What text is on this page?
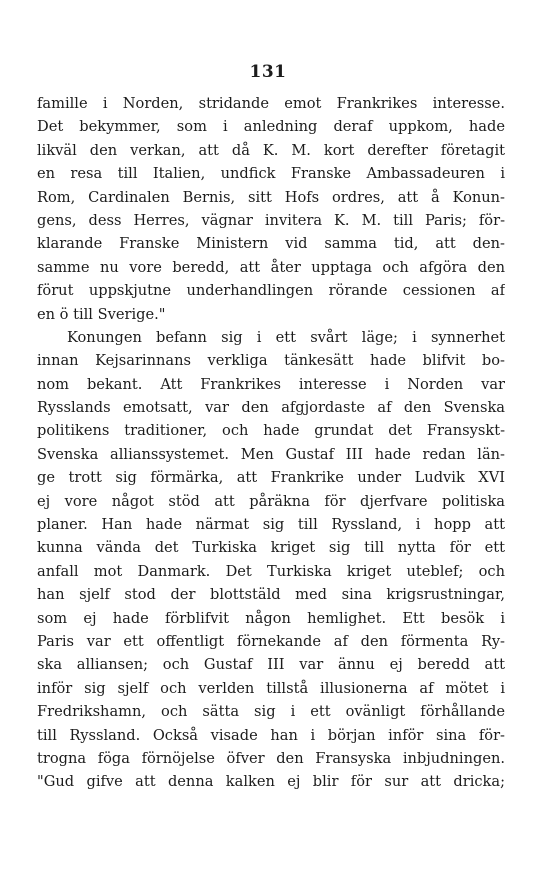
131
famille i Norden, stridande emot Frankrikes interesse.
Det bekymmer, som i anledning deraf uppkom, hade
likväl den verkan, att då K. M. kort derefter företagit
en resa till Italien, undfick Franske Ambassadeuren i
Rom, Cardinalen Bernis, sitt Hofs ordres, att å Konun-
gens, dess Herres, vägnar invitera K. M. till Paris; för-
klarande Franske Ministern vid samma tid, att den-
samme nu vore beredd, att åter upptaga och afgöra den
förut uppskjutne underhandlingen rörande cessionen af
en ö till Sverige."
Konungen befann sig i ett svårt läge; i synnerhet
innan Kejsarinnans verkliga tänkesätt hade blifvit bo-
nom bekant. Att Frankrikes interesse i Norden var
Rysslands emotsatt, var den afgjordaste af den Svenska
politikens traditioner, och hade grundat det Fransyskt-
Svenska allianssystemet. Men Gustaf III hade redan län-
ge trott sig förmärka, att Frankrike under Ludvik XVI
ej vore något stöd att påräkna för djerfvare politiska
planer. Han hade närmat sig till Ryssland, i hopp att
kunna vända det Turkiska kriget sig till nytta för ett
anfall mot Danmark. Det Turkiska kriget uteblef; och
han sjelf stod der blottstäld med sina krigsrustningar,
som ej hade förblifvit någon hemlighet. Ett besök i
Paris var ett offentligt förnekande af den förmenta Ry-
ska alliansen; och Gustaf III var ännu ej beredd att
inför sig sjelf och verlden tillstå illusionerna af mötet i
Fredrikshamn, och sätta sig i ett ovänligt förhållande
till Ryssland. Också visade han i början inför sina för-
trogna föga förnöjelse öfver den Fransyska inbjudningen.
"Gud gifve att denna kalken ej blir för sur att dricka;
